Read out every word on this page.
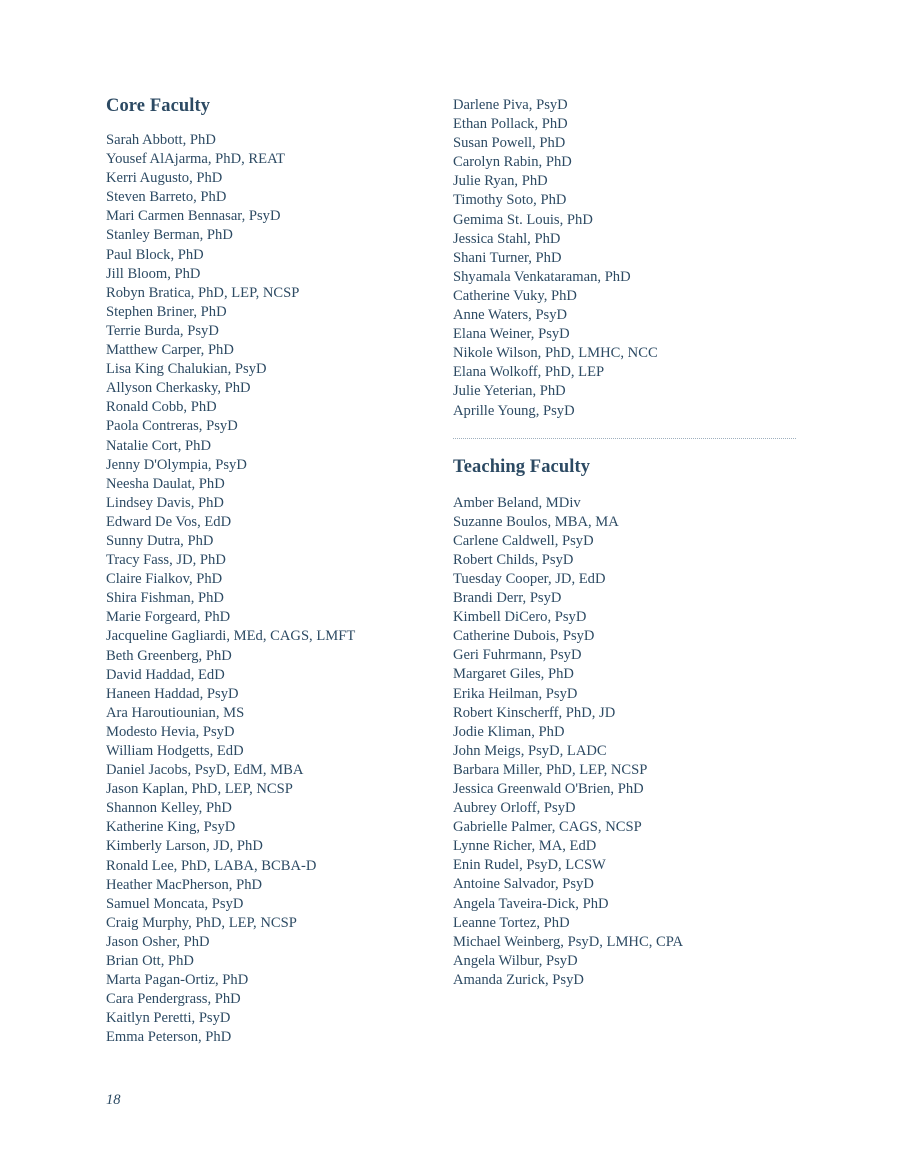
Core Faculty
Sarah Abbott, PhD
Yousef AlAjarma, PhD, REAT
Kerri Augusto, PhD
Steven Barreto, PhD
Mari Carmen Bennasar, PsyD
Stanley Berman, PhD
Paul Block, PhD
Jill Bloom, PhD
Robyn Bratica, PhD, LEP, NCSP
Stephen Briner, PhD
Terrie Burda, PsyD
Matthew Carper, PhD
Lisa King Chalukian, PsyD
Allyson Cherkasky, PhD
Ronald Cobb, PhD
Paola Contreras, PsyD
Natalie Cort, PhD
Jenny D'Olympia, PsyD
Neesha Daulat, PhD
Lindsey Davis, PhD
Edward De Vos, EdD
Sunny Dutra, PhD
Tracy Fass, JD, PhD
Claire Fialkov, PhD
Shira Fishman, PhD
Marie Forgeard, PhD
Jacqueline Gagliardi, MEd, CAGS, LMFT
Beth Greenberg, PhD
David Haddad, EdD
Haneen Haddad, PsyD
Ara Haroutiounian, MS
Modesto Hevia, PsyD
William Hodgetts, EdD
Daniel Jacobs, PsyD, EdM, MBA
Jason Kaplan, PhD, LEP, NCSP
Shannon Kelley, PhD
Katherine King, PsyD
Kimberly Larson, JD, PhD
Ronald Lee, PhD, LABA, BCBA-D
Heather MacPherson, PhD
Samuel Moncata, PsyD
Craig Murphy, PhD, LEP, NCSP
Jason Osher, PhD
Brian Ott, PhD
Marta Pagan-Ortiz, PhD
Cara Pendergrass, PhD
Kaitlyn Peretti, PsyD
Emma Peterson, PhD
Darlene Piva, PsyD
Ethan Pollack, PhD
Susan Powell, PhD
Carolyn Rabin, PhD
Julie Ryan, PhD
Timothy Soto, PhD
Gemima St. Louis, PhD
Jessica Stahl, PhD
Shani Turner, PhD
Shyamala Venkataraman, PhD
Catherine Vuky, PhD
Anne Waters, PsyD
Elana Weiner, PsyD
Nikole Wilson, PhD, LMHC, NCC
Elana Wolkoff, PhD, LEP
Julie Yeterian, PhD
Aprille Young, PsyD
Teaching Faculty
Amber Beland, MDiv
Suzanne Boulos, MBA, MA
Carlene Caldwell, PsyD
Robert Childs, PsyD
Tuesday Cooper, JD, EdD
Brandi Derr, PsyD
Kimbell DiCero, PsyD
Catherine Dubois, PsyD
Geri Fuhrmann, PsyD
Margaret Giles, PhD
Erika Heilman, PsyD
Robert Kinscherff, PhD, JD
Jodie Kliman, PhD
John Meigs, PsyD, LADC
Barbara Miller, PhD, LEP, NCSP
Jessica Greenwald O'Brien, PhD
Aubrey Orloff, PsyD
Gabrielle Palmer, CAGS, NCSP
Lynne Richer, MA, EdD
Enin Rudel, PsyD, LCSW
Antoine Salvador, PsyD
Angela Taveira-Dick, PhD
Leanne Tortez, PhD
Michael Weinberg, PsyD, LMHC, CPA
Angela Wilbur, PsyD
Amanda Zurick, PsyD
18
